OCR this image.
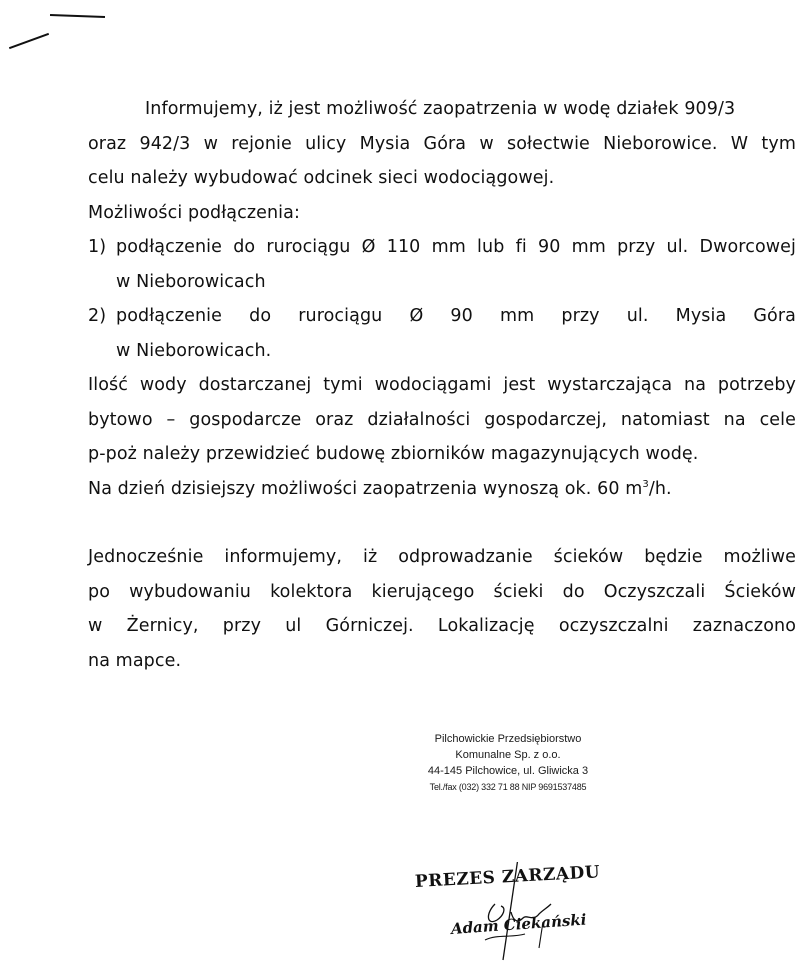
Informujemy, iż jest możliwość zaopatrzenia w wodę działek 909/3
oraz 942/3 w rejonie ulicy Mysia Góra w sołectwie Nieborowice. W tym
celu należy wybudować odcinek sieci wodociągowej.
Możliwości podłączenia:
1) podłączenie do rurociągu Ø 110 mm lub fi 90 mm przy ul. Dworcowej
w Nieborowicach
2) podłączenie do rurociągu Ø 90 mm przy ul. Mysia Góra
w Nieborowicach.
Ilość wody dostarczanej tymi wodociągami jest wystarczająca na potrzeby
bytowo – gospodarcze oraz działalności gospodarczej, natomiast na cele
p-poż należy przewidzieć budowę zbiorników magazynujących wodę.
Na dzień dzisiejszy możliwości zaopatrzenia wynoszą ok. 60 $m^3/h$.
Jednocześnie informujemy, iż odprowadzanie ścieków będzie możliwe
po wybudowaniu kolektora kierującego ścieki do Oczyszczali Ścieków
w Żernicy, przy ul Górniczej. Lokalizację oczyszczalni zaznaczono
na mapce.
Pilchowickie Przedsiębiorstwo
Komunalne Sp. z o.o.
44-145 Pilchowice, ul. Gliwicka 3
Tel./fax (032) 332 71 88 NIP 9691537485
PREZES ZARZĄDU
Adam Ciekański
